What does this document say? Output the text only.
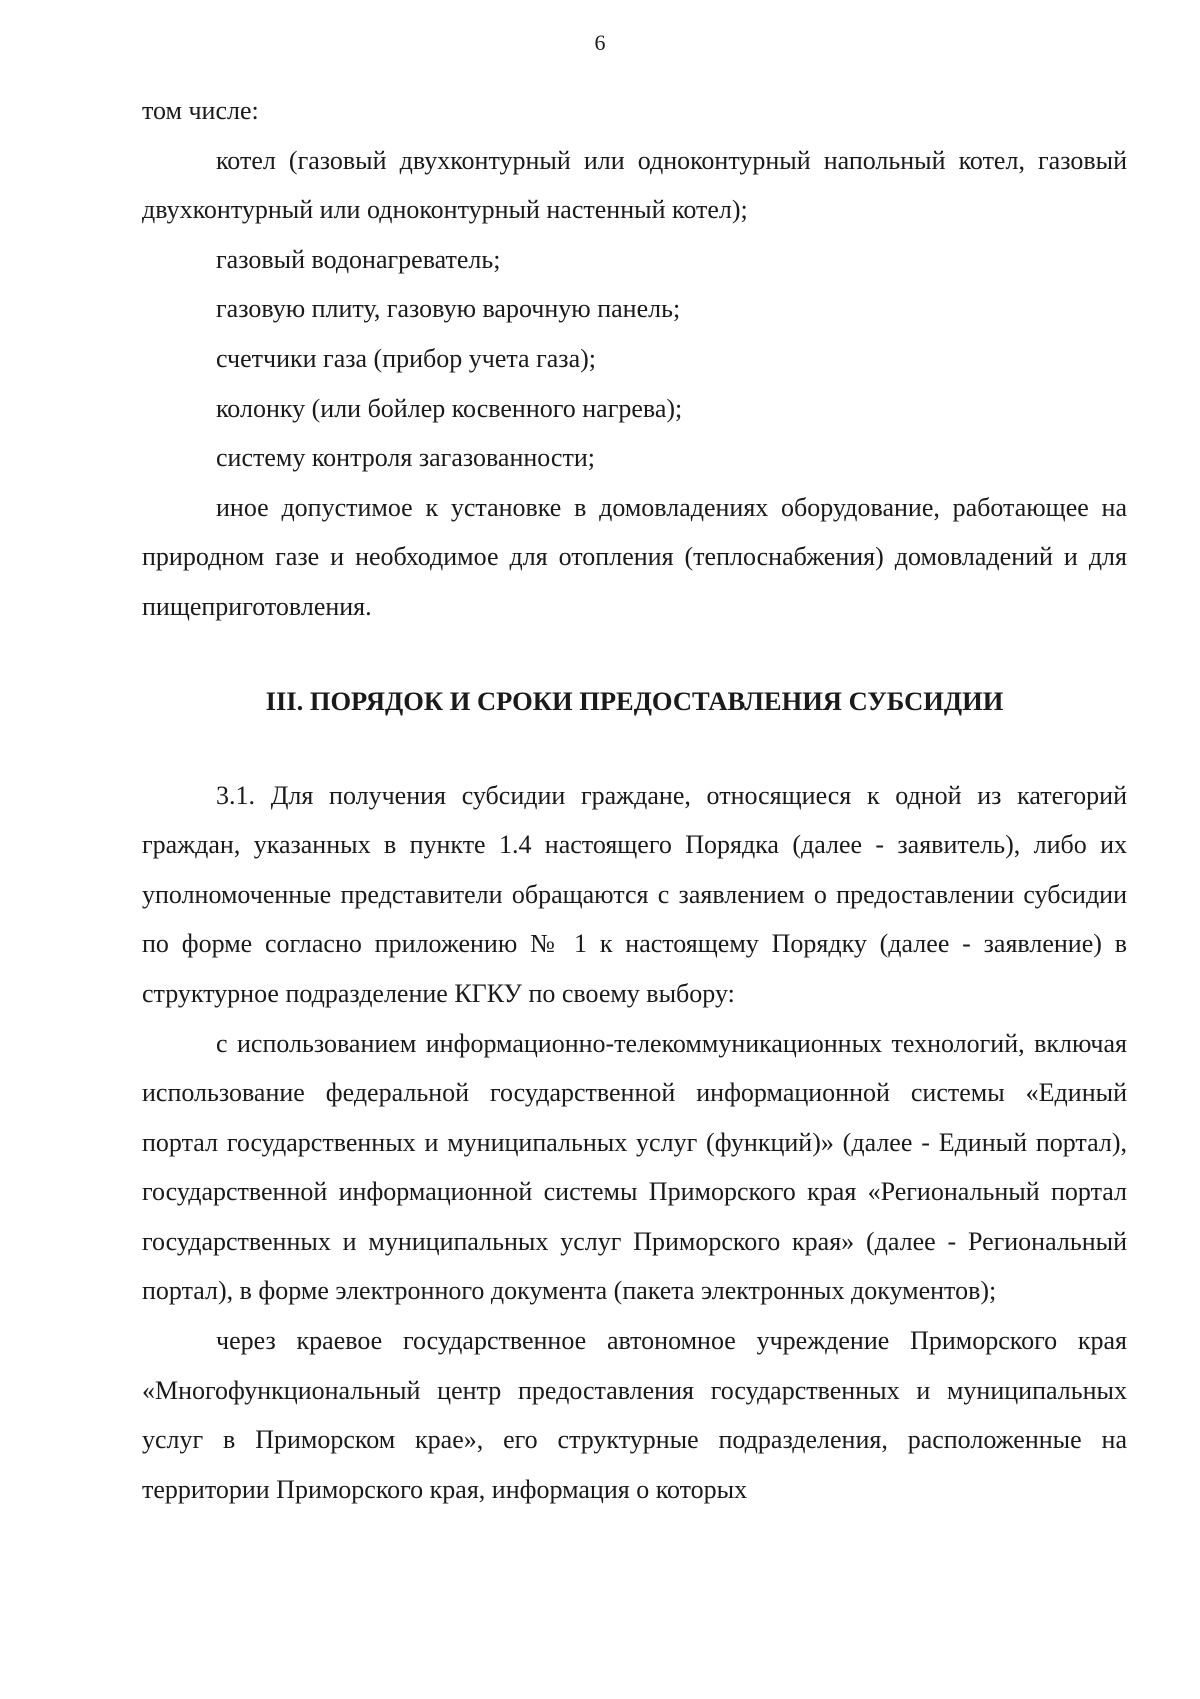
6

том числе:

котел (газовый двухконтурный или одноконтурный напольный котел, газовый двухконтурный или одноконтурный настенный котел);

газовый водонагреватель;

газовую плиту, газовую варочную панель;

счетчики газа (прибор учета газа);

колонку (или бойлер косвенного нагрева);

систему контроля загазованности;

иное допустимое к установке в домовладениях оборудование, работающее на природном газе и необходимое для отопления (теплоснабжения) домовладений и для пищеприготовления.

III. ПОРЯДОК И СРОКИ ПРЕДОСТАВЛЕНИЯ СУБСИДИИ

3.1. Для получения субсидии граждане, относящиеся к одной из категорий граждан, указанных в пункте 1.4 настоящего Порядка (далее - заявитель), либо их уполномоченные представители обращаются с заявлением о предоставлении субсидии по форме согласно приложению № 1 к настоящему Порядку (далее - заявление) в структурное подразделение КГКУ по своему выбору:

с использованием информационно-телекоммуникационных технологий, включая использование федеральной государственной информационной системы «Единый портал государственных и муниципальных услуг (функций)» (далее - Единый портал), государственной информационной системы Приморского края «Региональный портал государственных и муниципальных услуг Приморского края» (далее - Региональный портал), в форме электронного документа (пакета электронных документов);

через краевое государственное автономное учреждение Приморского края «Многофункциональный центр предоставления государственных и муниципальных услуг в Приморском крае», его структурные подразделения, расположенные на территории Приморского края, информация о которых
